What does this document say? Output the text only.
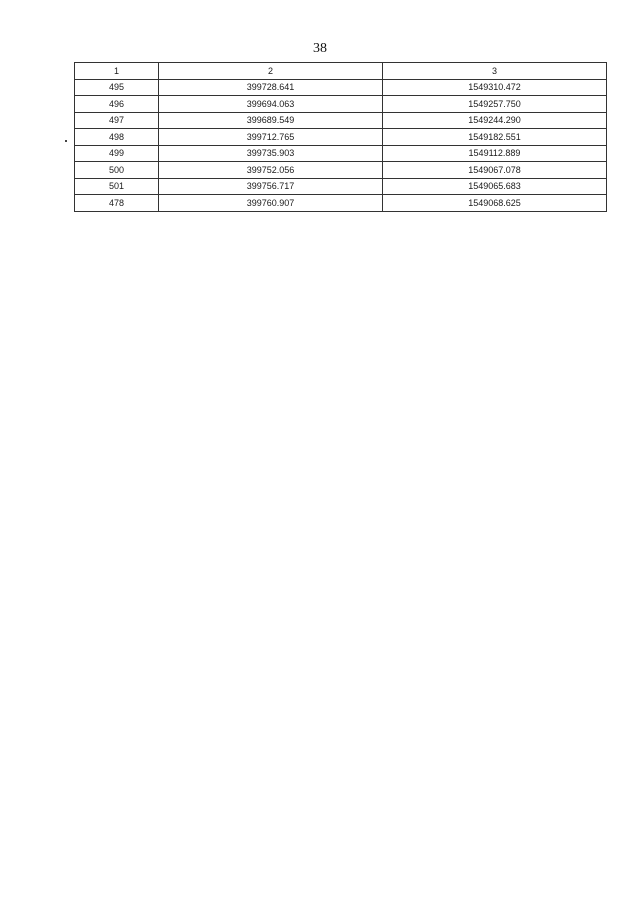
38
1	2	3
495	399728.641	1549310.472
496	399694.063	1549257.750
497	399689.549	1549244.290
498	399712.765	1549182.551
499	399735.903	1549112.889
500	399752.056	1549067.078
501	399756.717	1549065.683
478	399760.907	1549068.625
